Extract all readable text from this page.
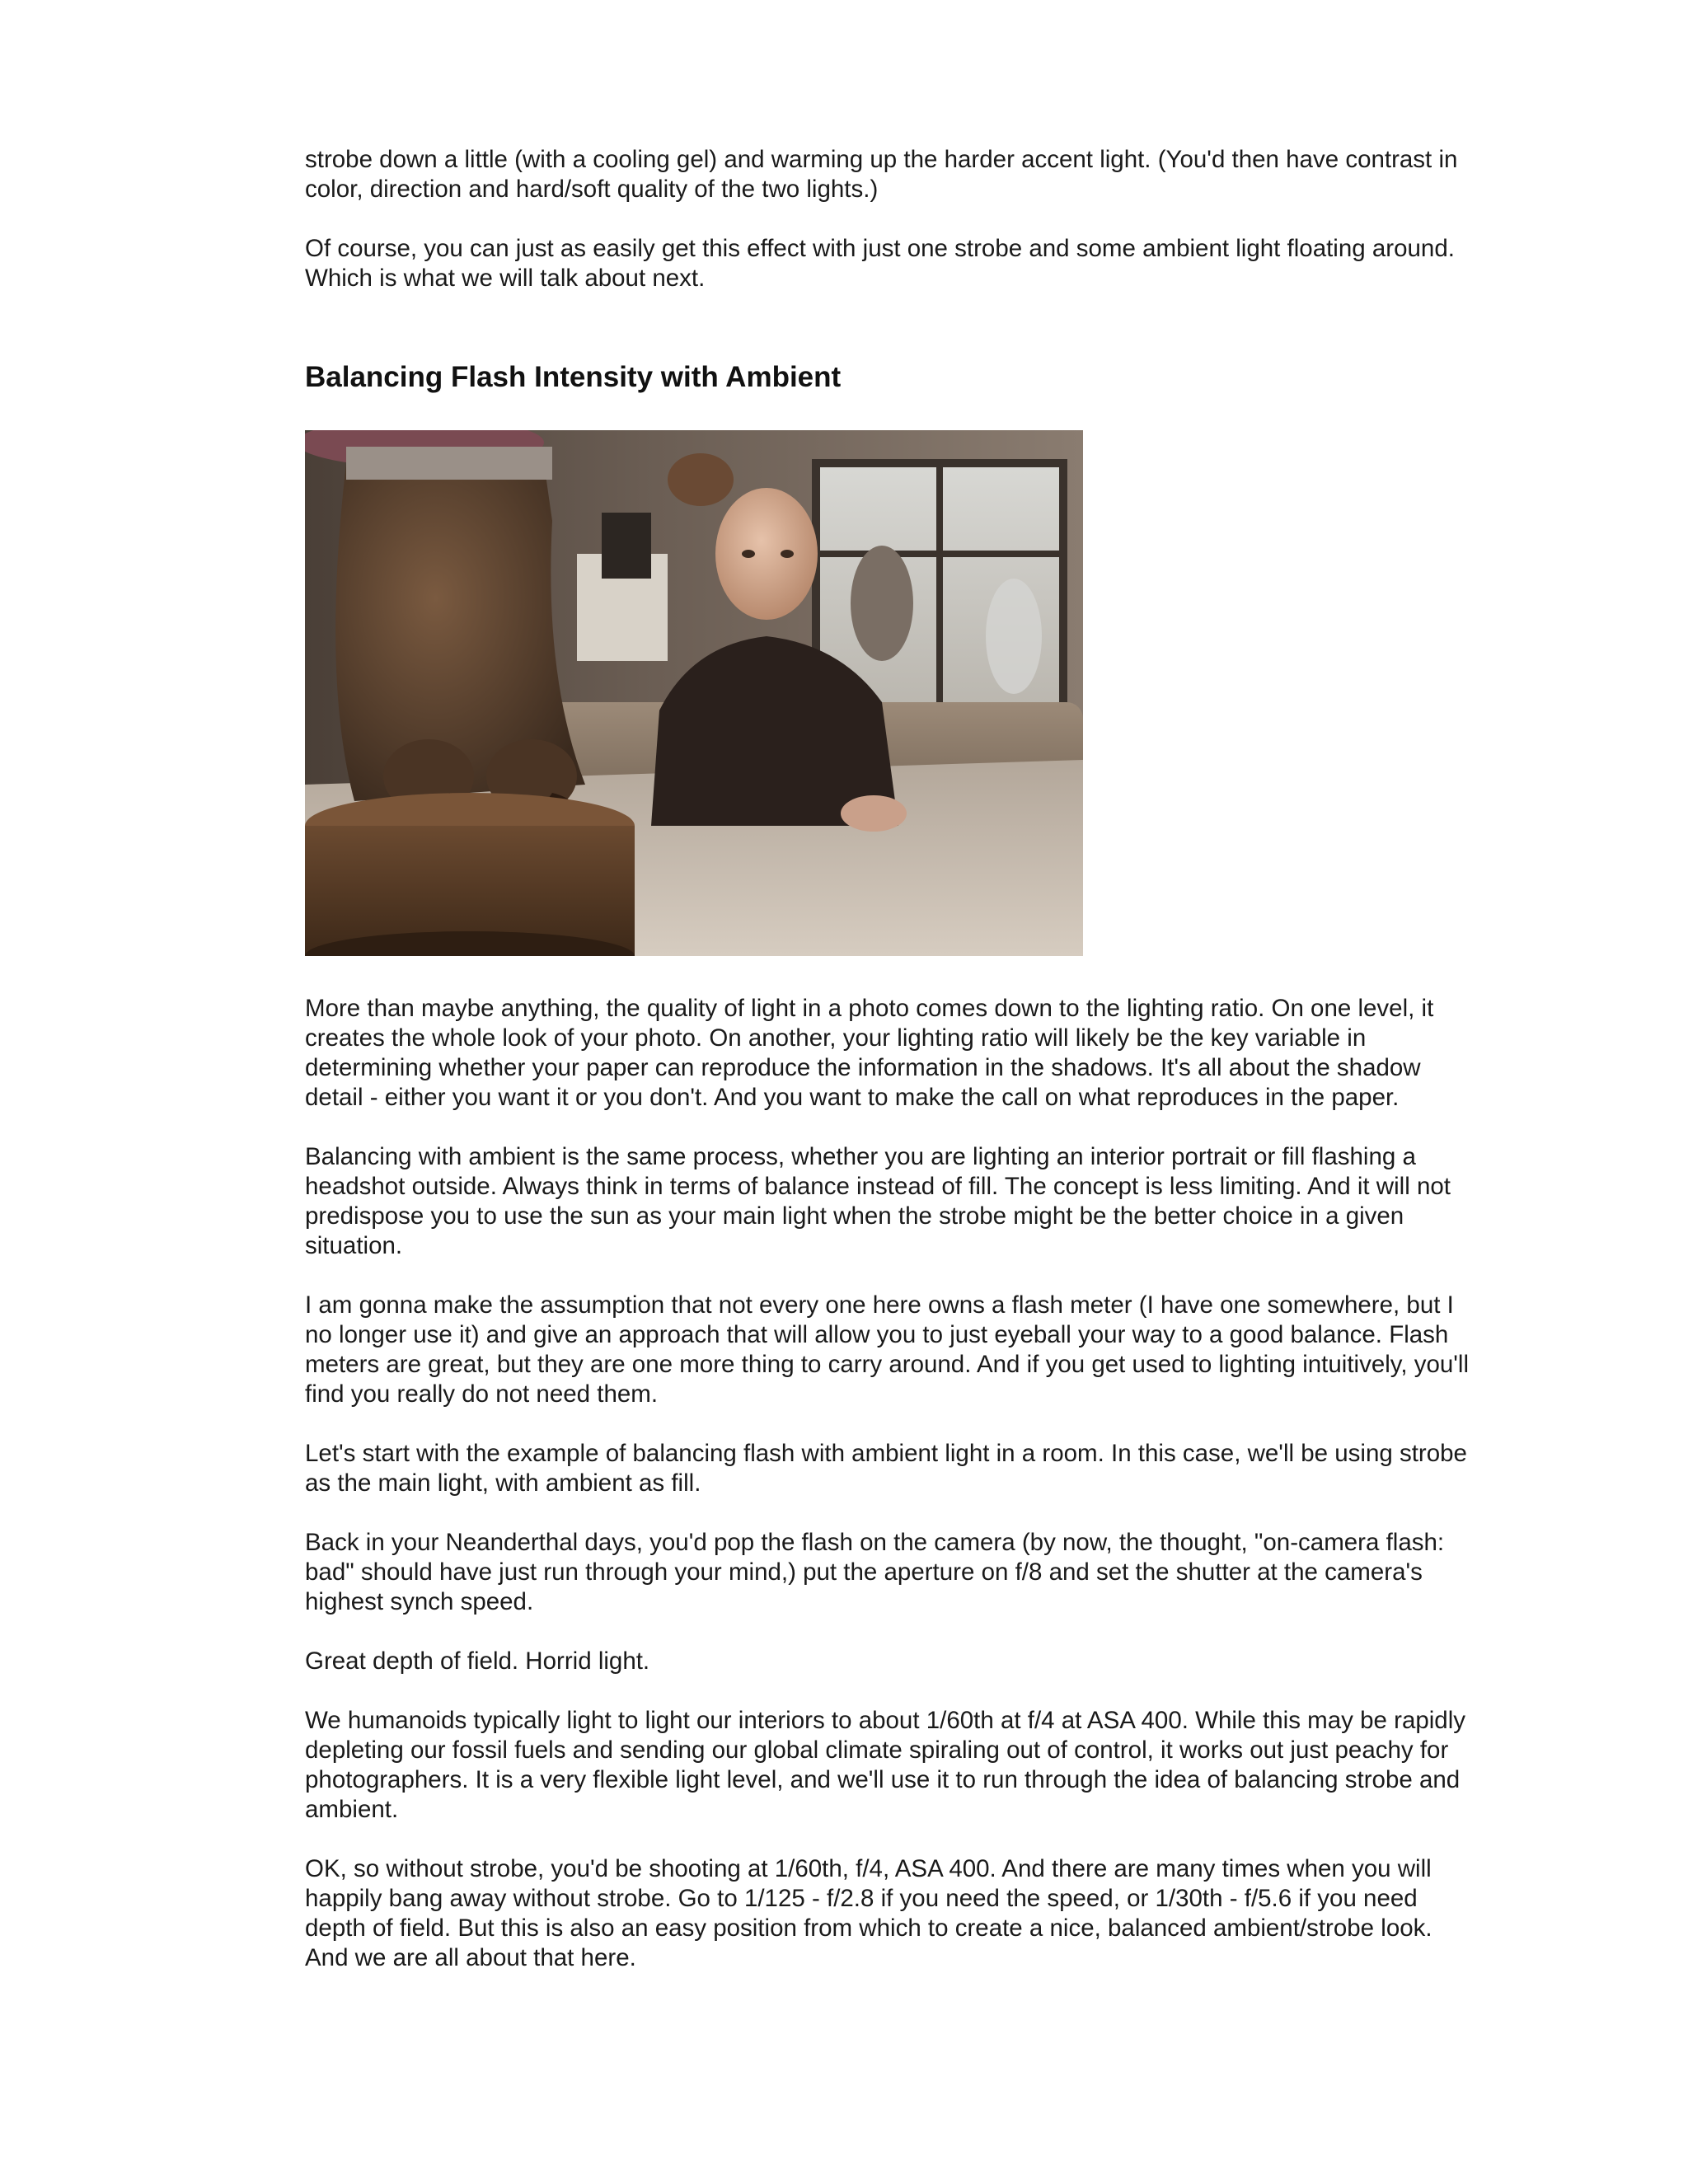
strobe down a little (with a cooling gel) and warming up the harder accent light. (You'd then have contrast in color, direction and hard/soft quality of the two lights.)

Of course, you can just as easily get this effect with just one strobe and some ambient light floating around. Which is what we will talk about next.

Balancing Flash Intensity with Ambient

More than maybe anything, the quality of light in a photo comes down to the lighting ratio. On one level, it creates the whole look of your photo. On another, your lighting ratio will likely be the key variable in determining whether your paper can reproduce the information in the shadows. It's all about the shadow detail - either you want it or you don't. And you want to make the call on what reproduces in the paper.

Balancing with ambient is the same process, whether you are lighting an interior portrait or fill flashing a headshot outside. Always think in terms of balance instead of fill. The concept is less limiting. And it will not predispose you to use the sun as your main light when the strobe might be the better choice in a given situation.

I am gonna make the assumption that not every one here owns a flash meter (I have one somewhere, but I no longer use it) and give an approach that will allow you to just eyeball your way to a good balance. Flash meters are great, but they are one more thing to carry around. And if you get used to lighting intuitively, you'll find you really do not need them.

Let's start with the example of balancing flash with ambient light in a room. In this case, we'll be using strobe as the main light, with ambient as fill.

Back in your Neanderthal days, you'd pop the flash on the camera (by now, the thought, "on-camera flash: bad" should have just run through your mind,) put the aperture on f/8 and set the shutter at the camera's highest synch speed.

Great depth of field. Horrid light.

We humanoids typically light to light our interiors to about 1/60th at f/4 at ASA 400. While this may be rapidly depleting our fossil fuels and sending our global climate spiraling out of control, it works out just peachy for photographers. It is a very flexible light level, and we'll use it to run through the idea of balancing strobe and ambient.

OK, so without strobe, you'd be shooting at 1/60th, f/4, ASA 400. And there are many times when you will happily bang away without strobe. Go to 1/125 - f/2.8 if you need the speed, or 1/30th - f/5.6 if you need depth of field. But this is also an easy position from which to create a nice, balanced ambient/strobe look. And we are all about that here.
